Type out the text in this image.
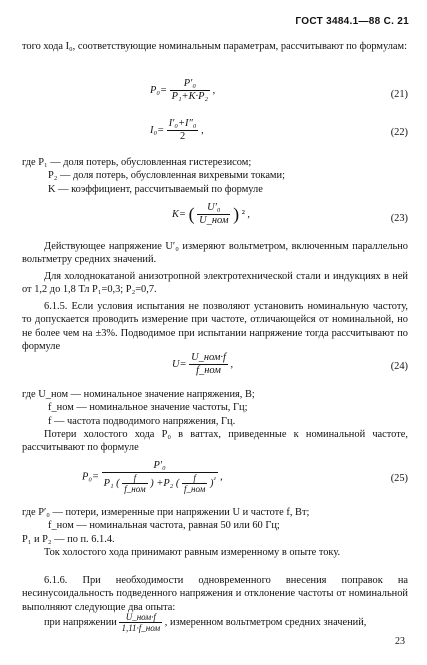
ГОСТ 3484.1—88 С. 21

того хода I₀, соответствующие номинальным параметрам, рассчитывают по формулам:

$P_0= \frac{\text{P′₀}}{\text{P₁+K·P₂}}$ ,	(21)
$I_0= \frac{\text{I′₀+I″₀}}{2}$ ,	(22)
где P₁ — доля потерь, обусловленная гистерезисом;
P₂ — доля потерь, обусловленная вихревыми токами;
K — коэффициент, рассчитываемый по формуле
K= ( $\frac{\text{U′₀}}{\text{U\_ном}}$ ) ² ,	(23)

Действующее напряжение U′₀ измеряют вольтметром, включенным параллельно вольтметру средних значений.

Для холоднокатаной анизотропной электротехнической стали и индукциях в ней от 1,2 до 1,8 Тл P₁=0,3; P₂=0,7.

6.1.5. Если условия испытания не позволяют установить номинальную частоту, то допускается проводить измерение при частоте, отличающейся от номинальной, но не более чем на ±3%. Подводимое при испытании напряжение тогда рассчитывают по формуле

$U= \frac{\text{U\_ном·f}}{\text{f\_ном}}$ ,	(24)
где U_ном — номинальное значение напряжения, В;
f_ном — номинальное значение частоты, Гц;
f — частота подводимого напряжения, Гц.

Потери холостого хода P₀ в ваттах, приведенные к номинальной частоте, рассчитывают по формуле

P₀=
P′₀
P₁ ( $\frac{f}{\text{f\_ном}}$ ) +P₂ ( $\frac{f}{\text{f\_ном}} )^{^2}$ ,	(25)
где P′₀ — потери, измеренные при напряжении U и частоте f, Вт;
f_ном — номинальная частота, равная 50 или 60 Гц;
P₁ и P₂ — по п. 6.1.4.

Ток холостого хода принимают равным измеренному в опыте току.

6.1.6. При необходимости одновременного внесения поправок на несинусоидальность подведенного напряжения и отклонение частоты от номинальной выполняют следующие два опыта:

при напряжении $\frac{\text{U\_ном·f}}{\text{1,11·f\_ном}}$ , измеренном вольтметром средних значений,
23
